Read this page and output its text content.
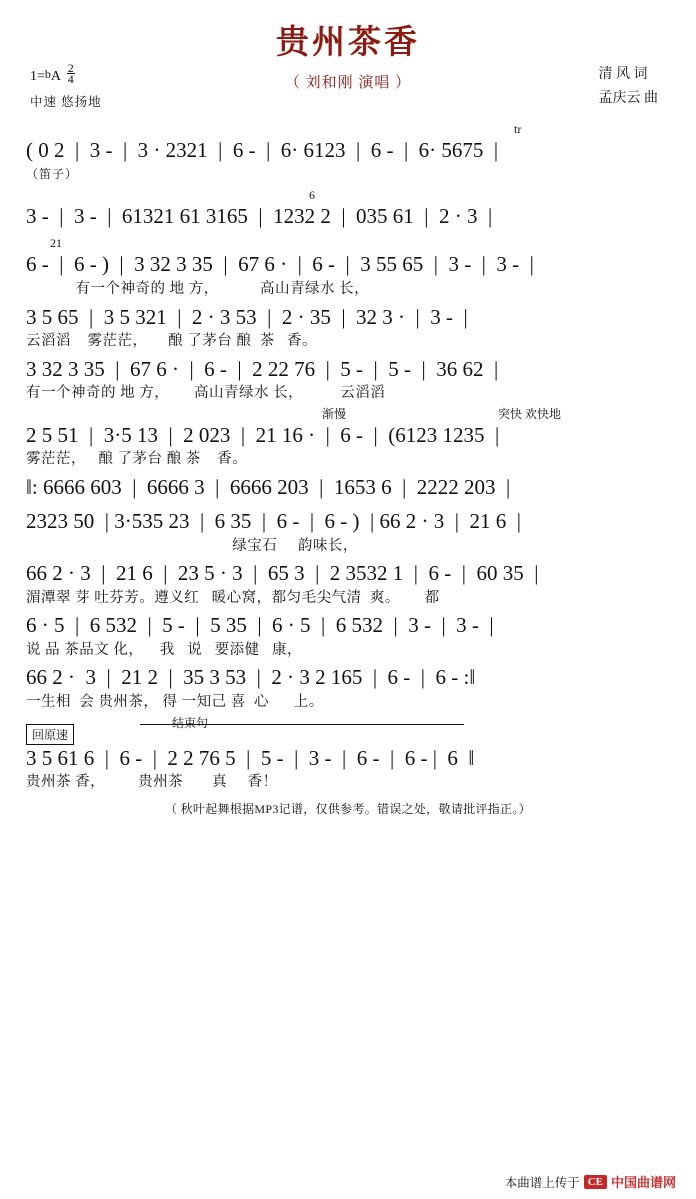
贵州茶香
（ 刘和刚 演唱 ）
$1=bA \frac{2}{4}$
中速 悠扬地
清 风 词
孟庆云 曲
tr
( 0 2  |  3 -  |  3 · 2321  |  6 -  |  6· 6123  |  6 -  |  6· 5675  |
（笛子）
6
3 -  |  3 -  |  61321 61 3165  |  1232 2  |  035 61  |  2 · 3  |
21
6 -  |  6 - )  |  3 32 3 35  |  67 6 ·  |  6 -  |  3 55 65  |  3 -  |  3 -  |
有一个神奇的 地 方，          高山青绿水 长，
3 5 65  |  3 5 321  |  2 · 3 53  |  2 · 35  |  32 3 ·  |  3 -  |
云滔滔    雾茫茫，     酿 了茅台 酿  茶   香。
3 32 3 35  |  67 6 ·  |  6 -  |  2 22 76  |  5 -  |  5 -  |  36 62  |
有一个神奇的 地 方，      高山青绿水 长，         云滔滔
渐慢	突快 欢快地
2 5 51  |  3·5 13  |  2 023  |  21 16 ·  |  6 -  |  (6123 1235  |
雾茫茫，   酿 了茅台 酿 茶    香。
‖: 6666 603  |  6666 3  |  6666 203  |  1653 6  |  2222 203  |
2323 50  | 3·535 23  |  6 35  |  6 -  |  6 - )  | 66 2 · 3  |  21 6  |
绿宝石     韵味长，
66 2 · 3  |  21 6  |  23 5 · 3  |  65 3  |  2 3532 1  |  6 -  |  60 35  |
湄潭翠 芽 吐芬芳。遵义红   暖心窝，都匀毛尖气清  爽。      都
6 · 5  |  6 532  |  5 -  |  5 35  |  6 · 5  |  6 532  |  3 -  |  3 -  |
说 品 茶品文 化，    我   说   要添健   康，
66 2 ·  3  |  21 2  |  35 3 53  |  2 · 3 2 165  |  6 -  |  6 - :‖
一生相  会 贵州茶， 得 一知己 喜  心      上。
回原速
结束句
3 5 61 6  |  6 -  |  2 2 76 5  |  5 -  |  3 -  |  6 -  |  6 - |  6  ‖
贵州茶 香，        贵州茶       真     香！
（ 秋叶起舞根据MP3记谱，仅供参考。错误之处，敬请批评指正。）
本曲谱上传于 CE 中国曲谱网
